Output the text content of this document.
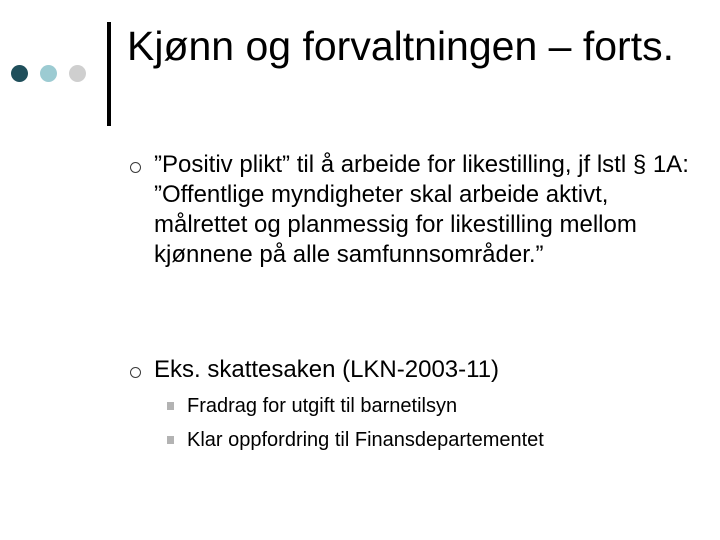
Kjønn og forvaltningen – forts.
”Positiv plikt” til å arbeide for likestilling, jf lstl § 1A: ”Offentlige myndigheter skal arbeide aktivt, målrettet og planmessig for likestilling mellom kjønnene på alle samfunnsområder.”
Eks. skattesaken (LKN-2003-11)
Fradrag for utgift til barnetilsyn
Klar oppfordring til Finansdepartementet
